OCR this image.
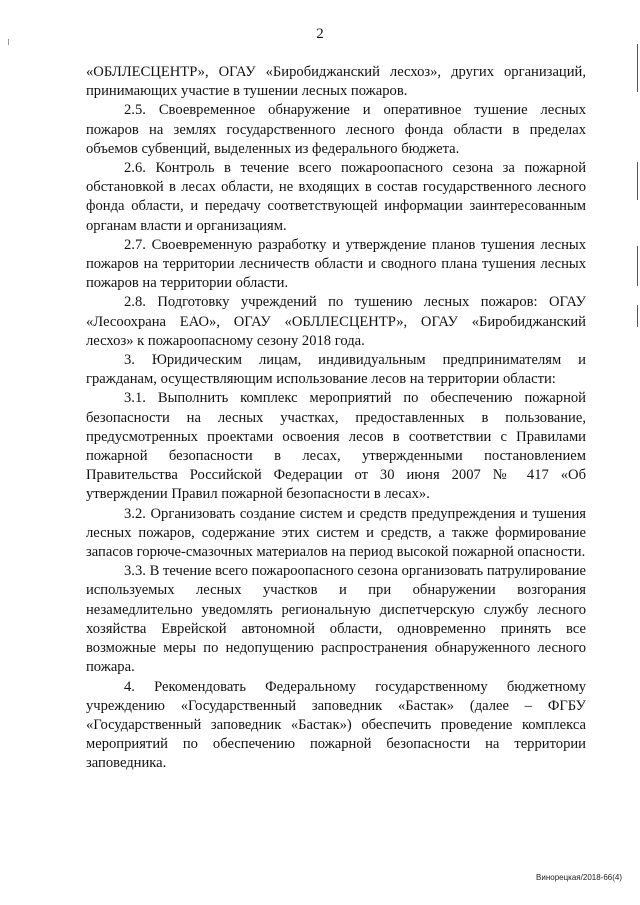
2

«ОБЛЛЕСЦЕНТР», ОГАУ «Биробиджанский лесхоз», других организаций, принимающих участие в тушении лесных пожаров.

2.5. Своевременное обнаружение и оперативное тушение лесных пожаров на землях государственного лесного фонда области в пределах объемов субвенций, выделенных из федерального бюджета.

2.6. Контроль в течение всего пожароопасного сезона за пожарной обстановкой в лесах области, не входящих в состав государственного лесного фонда области, и передачу соответствующей информации заинтересованным органам власти и организациям.

2.7. Своевременную разработку и утверждение планов тушения лесных пожаров на территории лесничеств области и сводного плана тушения лесных пожаров на территории области.

2.8. Подготовку учреждений по тушению лесных пожаров: ОГАУ «Лесоохрана ЕАО», ОГАУ «ОБЛЛЕСЦЕНТР», ОГАУ «Биробиджанский лесхоз» к пожароопасному сезону 2018 года.

3. Юридическим лицам, индивидуальным предпринимателям и гражданам, осуществляющим использование лесов на территории области:

3.1. Выполнить комплекс мероприятий по обеспечению пожарной безопасности на лесных участках, предоставленных в пользование, предусмотренных проектами освоения лесов в соответствии с Правилами пожарной безопасности в лесах, утвержденными постановлением Правительства Российской Федерации от 30 июня 2007 № 417 «Об утверждении Правил пожарной безопасности в лесах».

3.2. Организовать создание систем и средств предупреждения и тушения лесных пожаров, содержание этих систем и средств, а также формирование запасов горюче-смазочных материалов на период высокой пожарной опасности.

3.3. В течение всего пожароопасного сезона организовать патрулирование используемых лесных участков и при обнаружении возгорания незамедлительно уведомлять региональную диспетчерскую службу лесного хозяйства Еврейской автономной области, одновременно принять все возможные меры по недопущению распространения обнаруженного лесного пожара.

4. Рекомендовать Федеральному государственному бюджетному учреждению «Государственный заповедник «Бастак» (далее – ФГБУ «Государственный заповедник «Бастак») обеспечить проведение комплекса мероприятий по обеспечению пожарной безопасности на территории заповедника.

Винорецкая/2018-66(4)
